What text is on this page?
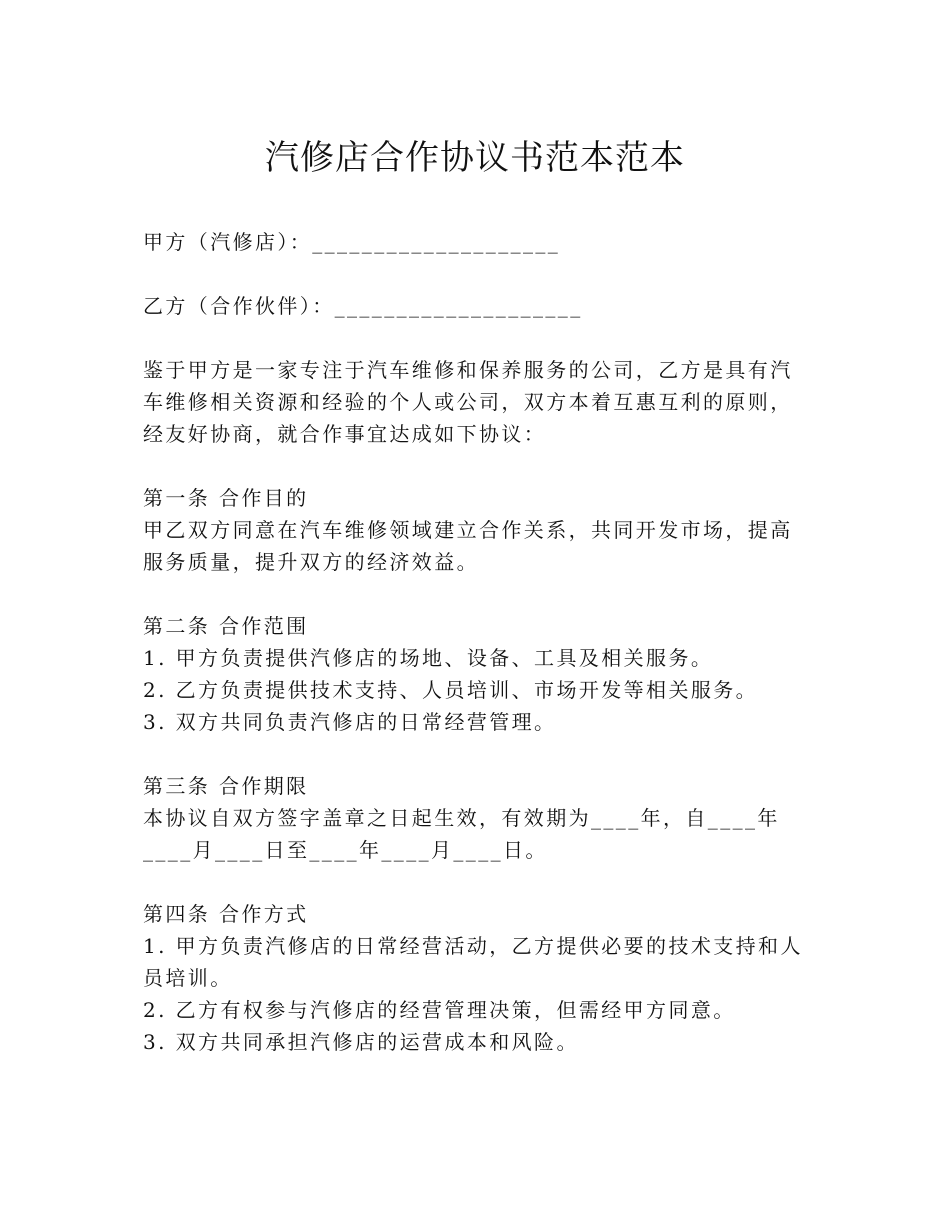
汽修店合作协议书范本范本

甲方（汽修店）：____________________

乙方（合作伙伴）：____________________

鉴于甲方是一家专注于汽车维修和保养服务的公司，乙方是具有汽车维修相关资源和经验的个人或公司，双方本着互惠互利的原则，经友好协商，就合作事宜达成如下协议：

第一条 合作目的

甲乙双方同意在汽车维修领域建立合作关系，共同开发市场，提高服务质量，提升双方的经济效益。

第二条 合作范围

1. 甲方负责提供汽修店的场地、设备、工具及相关服务。

2. 乙方负责提供技术支持、人员培训、市场开发等相关服务。

3. 双方共同负责汽修店的日常经营管理。

第三条 合作期限

本协议自双方签字盖章之日起生效，有效期为____年，自____年____月____日至____年____月____日。

第四条 合作方式

1. 甲方负责汽修店的日常经营活动，乙方提供必要的技术支持和人员培训。

2. 乙方有权参与汽修店的经营管理决策，但需经甲方同意。

3. 双方共同承担汽修店的运营成本和风险。
